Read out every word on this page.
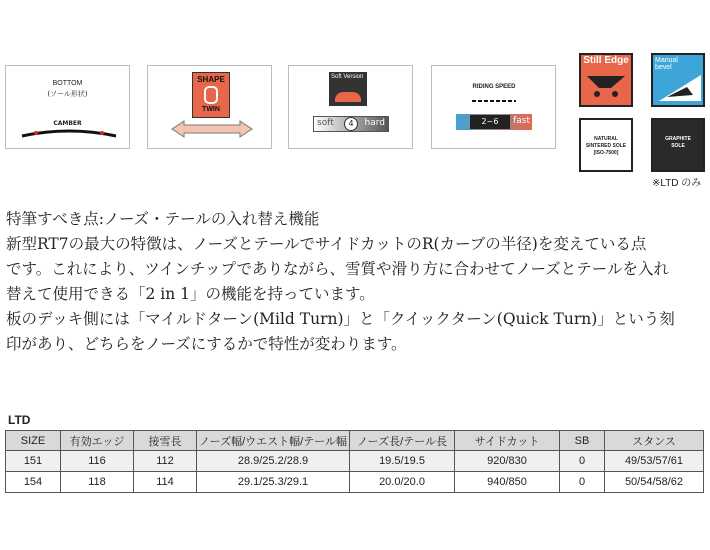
BOTTOM
(ソール形状)
CAMBER
SHAPE
TWIN
Soft Version
soft	4	hard
RIDING SPEED
2~6	fast
Still Edge	Manual bevel
NATURAL SINTERED SOLE [ISO-7500]
GRAPHITE SOLE
※LTD のみ

特筆すべき点:ノーズ・テールの入れ替え機能

新型RT7の最大の特徴は、ノーズとテールでサイドカットのR(カーブの半径)を変えている点

です。これにより、ツインチップでありながら、雪質や滑り方に合わせてノーズとテールを入れ

替えて使用できる「2 in 1」の機能を持っています。

板のデッキ側には「マイルドターン(Mild Turn)」と「クイックターン(Quick Turn)」という刻

印があり、どちらをノーズにするかで特性が変わります。

LTD
SIZE	有効エッジ	接雪長	ノーズ幅/ウエスト幅/テール幅	ノーズ長/テール長	サイドカット	SB	スタンス
151	116	112	28.9/25.2/28.9	19.5/19.5	920/830	0	49/53/57/61
154	118	114	29.1/25.3/29.1	20.0/20.0	940/850	0	50/54/58/62
